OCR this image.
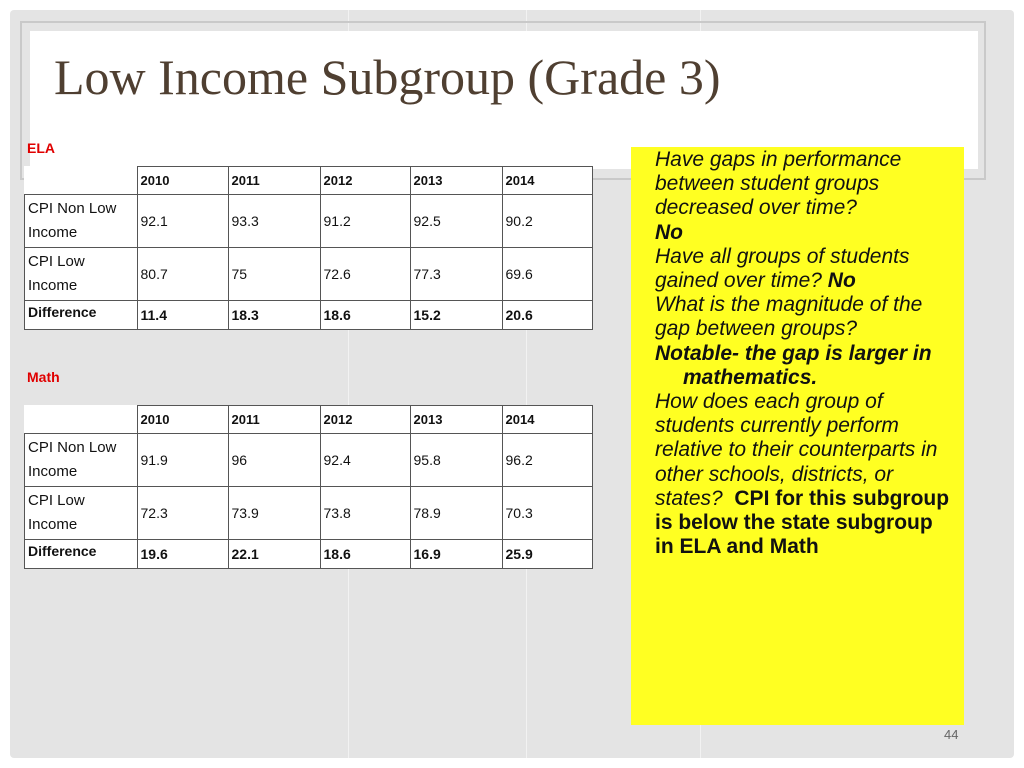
Low Income Subgroup (Grade 3)
ELA
	2010	2011	2012	2013	2014
CPI Non Low Income	92.1	93.3	91.2	92.5	90.2
CPI Low Income	80.7	75	72.6	77.3	69.6
Difference	11.4	18.3	18.6	15.2	20.6
Math
	2010	2011	2012	2013	2014
CPI Non Low Income	91.9	96	92.4	95.8	96.2
CPI Low Income	72.3	73.9	73.8	78.9	70.3
Difference	19.6	22.1	18.6	16.9	25.9

Have gaps in performance between student groups decreased over time?

No

Have all groups of students gained over time? No

What is the magnitude of the gap between groups?

Notable- the gap is larger in mathematics.

How does each group of students currently perform relative to their counterparts in other schools, districts, or states? CPI for this subgroup is below the state subgroup in ELA and Math

44
